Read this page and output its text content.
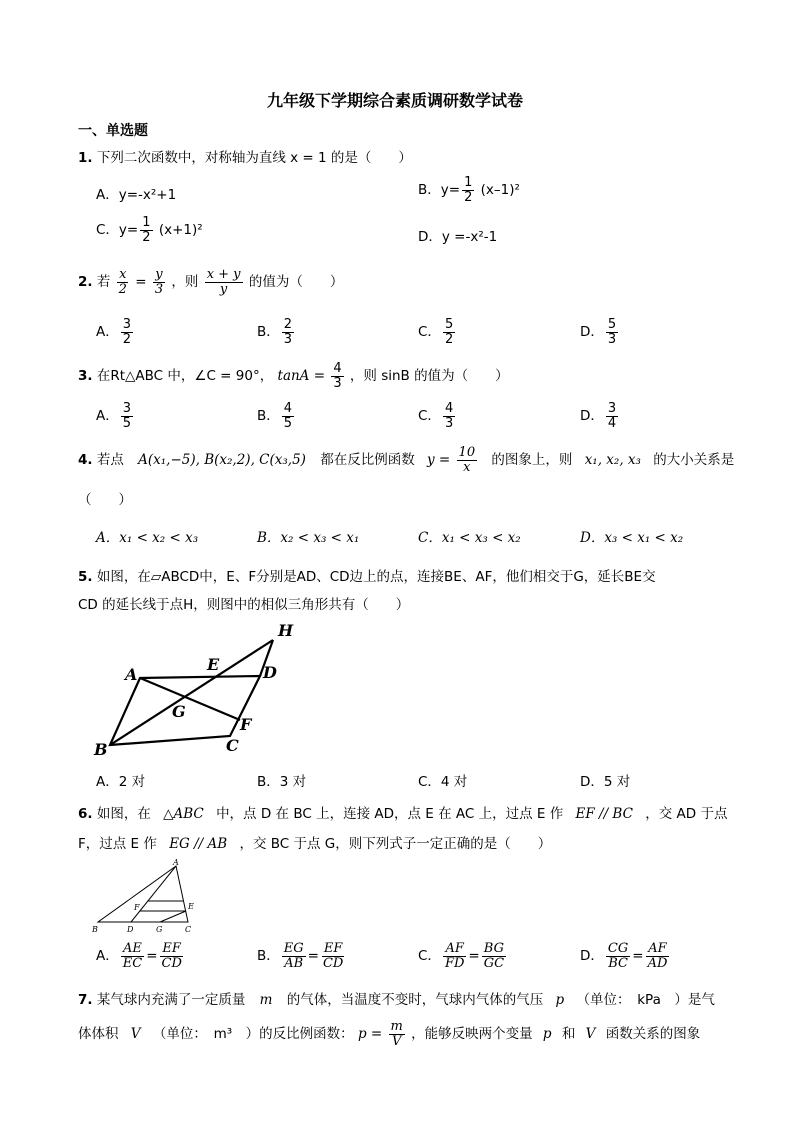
九年级下学期综合素质调研数学试卷
一、单选题
1. 下列二次函数中，对称轴为直线 x = 1 的是（　　）
A．y=-x²+1	B．$y= \frac{1}{2} (x-1)^2$
C．$y= \frac{1}{2} (x+1)^2$	D．y =-x²-1
2. 若 $\frac{x}{2} = \frac{y}{3}$ ，则 $\frac{x + y}{y}$ 的值为（　　）
A． $\frac{3}{2}$	B． $\frac{2}{3}$	C． $\frac{5}{2}$	D． $\frac{5}{3}$
3. 在Rt△ABC 中，∠C = 90°， $\tan A = \frac{4}{3}$ ，则 sinB 的值为（　　）
A． $\frac{3}{5}$	B． $\frac{4}{5}$	C． $\frac{4}{3}$	D． $\frac{3}{4}$
4. 若点 A(x₁,−5), B(x₂,2), C(x₃,5) 都在反比例函数 $y = \frac{10}{x}$ 的图象上，则 x₁, x₂, x₃ 的大小关系是
（　　）
A．x₁ < x₂ < x₃	B．x₂ < x₃ < x₁	C．x₁ < x₃ < x₂	D．x₃ < x₁ < x₂
5. 如图，在▱ABCD中，E、F分别是AD、CD边上的点，连接BE、AF，他们相交于G，延长BE交
CD 的延长线于点H，则图中的相似三角形共有（　　）
A
B	C
D
E
F
G
H
A．2 对	B．3 对	C．4 对	D．5 对
6. 如图，在 △ABC 中，点 D 在 BC 上，连接 AD，点 E 在 AC 上，过点 E 作 EF // BC ，交 AD 于点
F，过点 E 作 EG // AB ，交 BC 于点 G，则下列式子一定正确的是（　　）
A
B	C
D
E
F
G
A． $\frac{AE}{EC} = \frac{EF}{CD}$	B． $\frac{EG}{AB} = \frac{EF}{CD}$	C． $\frac{AF}{FD} = \frac{BG}{GC}$	D． $\frac{CG}{BC} = \frac{AF}{AD}$
7. 某气球内充满了一定质量 m 的气体，当温度不变时，气球内气体的气压 p （单位：　kPa　）是气
体体积 V （单位：　m³　）的反比例函数： $p = \frac{m}{V}$ ，能够反映两个变量 p 和 V 函数关系的图象
